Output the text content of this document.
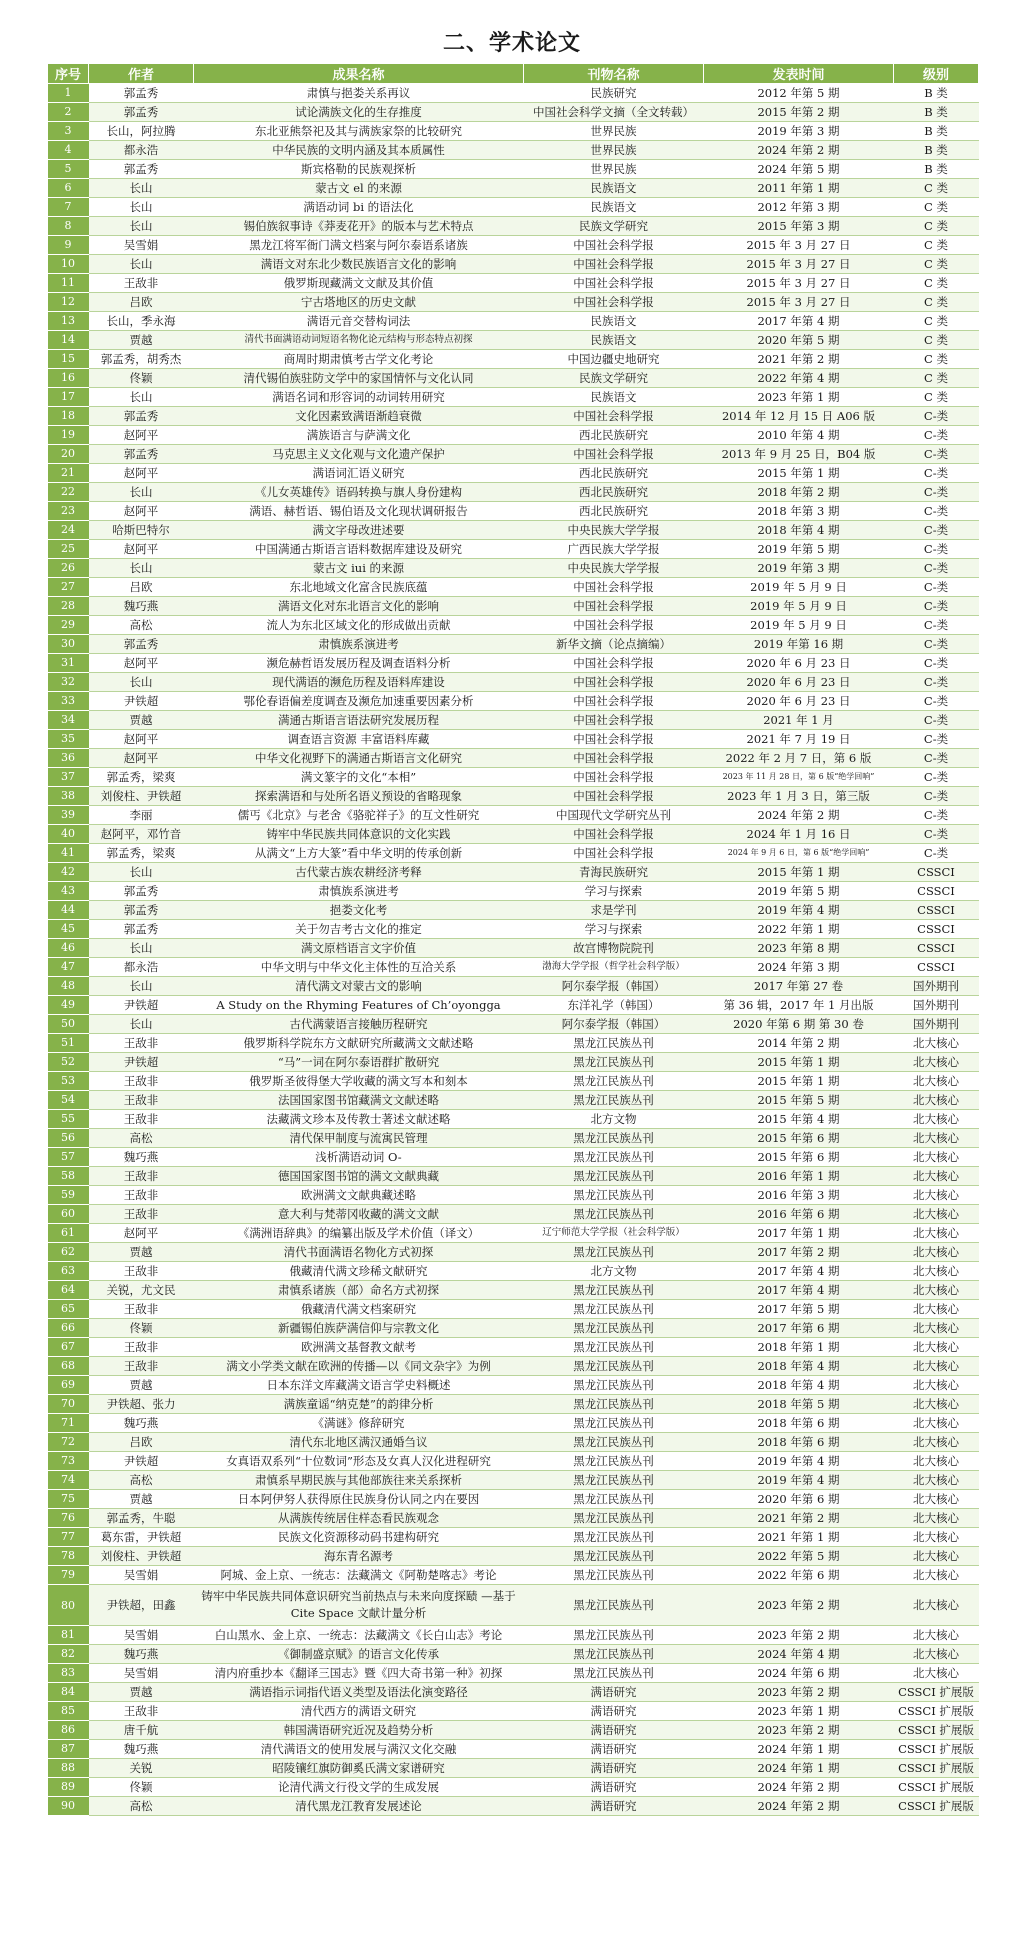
二、学术论文
序号	作者	成果名称	刊物名称	发表时间	级别
1	郭孟秀	肃慎与挹娄关系再议	民族研究	2012 年第 5 期	B 类
2	郭孟秀	试论满族文化的生存推度	中国社会科学文摘（全文转载）	2015 年第 2 期	B 类
3	长山，阿拉腾	东北亚熊祭祀及其与满族家祭的比较研究	世界民族	2019 年第 3 期	B 类
4	都永浩	中华民族的文明内涵及其本质属性	世界民族	2024 年第 2 期	B 类
5	郭孟秀	斯宾格勒的民族观探析	世界民族	2024 年第 5 期	B 类
6	长山	蒙古文 el 的来源	民族语文	2011 年第 1 期	C 类
7	长山	满语动词 bi 的语法化	民族语文	2012 年第 3 期	C 类
8	长山	锡伯族叙事诗《莽麦花开》的版本与艺术特点	民族文学研究	2015 年第 3 期	C 类
9	吴雪娟	黑龙江将军衙门满文档案与阿尔泰语系诸族	中国社会科学报	2015 年 3 月 27 日	C 类
10	长山	满语文对东北少数民族语言文化的影响	中国社会科学报	2015 年 3 月 27 日	C 类
11	王敌非	俄罗斯现藏满文文献及其价值	中国社会科学报	2015 年 3 月 27 日	C 类
12	吕欧	宁古塔地区的历史文献	中国社会科学报	2015 年 3 月 27 日	C 类
13	长山，季永海	满语元音交替构词法	民族语文	2017 年第 4 期	C 类
14	贾越	清代书面满语动词短语名物化论元结构与形态特点初探	民族语文	2020 年第 5 期	C 类
15	郭孟秀，胡秀杰	商周时期肃慎考古学文化考论	中国边疆史地研究	2021 年第 2 期	C 类
16	佟颖	清代锡伯族驻防文学中的家国情怀与文化认同	民族文学研究	2022 年第 4 期	C 类
17	长山	满语名词和形容词的动词转用研究	民族语文	2023 年第 1 期	C 类
18	郭孟秀	文化因素致满语渐趋衰微	中国社会科学报	2014 年 12 月 15 日 A06 版	C-类
19	赵阿平	满族语言与萨满文化	西北民族研究	2010 年第 4 期	C-类
20	郭孟秀	马克思主义文化观与文化遗产保护	中国社会科学报	2013 年 9 月 25 日，B04 版	C-类
21	赵阿平	满语词汇语义研究	西北民族研究	2015 年第 1 期	C-类
22	长山	《儿女英雄传》语码转换与旗人身份建构	西北民族研究	2018 年第 2 期	C-类
23	赵阿平	满语、赫哲语、锡伯语及文化现状调研报告	西北民族研究	2018 年第 3 期	C-类
24	哈斯巴特尔	满文字母改进述要	中央民族大学学报	2018 年第 4 期	C-类
25	赵阿平	中国满通古斯语言语料数据库建设及研究	广西民族大学学报	2019 年第 5 期	C-类
26	长山	蒙古文 iui 的来源	中央民族大学学报	2019 年第 3 期	C-类
27	吕欧	东北地域文化富含民族底蕴	中国社会科学报	2019 年 5 月 9 日	C-类
28	魏巧燕	满语文化对东北语言文化的影响	中国社会科学报	2019 年 5 月 9 日	C-类
29	高松	流人为东北区域文化的形成做出贡献	中国社会科学报	2019 年 5 月 9 日	C-类
30	郭孟秀	肃慎族系演进考	新华文摘（论点摘编）	2019 年第 16 期	C-类
31	赵阿平	濒危赫哲语发展历程及调查语料分析	中国社会科学报	2020 年 6 月 23 日	C-类
32	长山	现代满语的濒危历程及语料库建设	中国社会科学报	2020 年 6 月 23 日	C-类
33	尹铁超	鄂伦春语偏差度调查及濒危加速重要因素分析	中国社会科学报	2020 年 6 月 23 日	C-类
34	贾越	满通古斯语言语法研究发展历程	中国社会科学报	2021 年 1 月	C-类
35	赵阿平	调查语言资源 丰富语料库藏	中国社会科学报	2021 年 7 月 19 日	C-类
36	赵阿平	中华文化视野下的满通古斯语言文化研究	中国社会科学报	2022 年 2 月 7 日，第 6 版	C-类
37	郭孟秀，梁爽	满文篆字的文化“本相”	中国社会科学报	2023 年 11 月 28 日，第 6 版“绝学回响”	C-类
38	刘俊柱、尹铁超	探索满语和与处所名语义预设的省略现象	中国社会科学报	2023 年 1 月 3 日，第三版	C-类
39	李丽	儒丐《北京》与老舍《骆驼祥子》的互文性研究	中国现代文学研究丛刊	2024 年第 2 期	C-类
40	赵阿平，邓竹音	铸牢中华民族共同体意识的文化实践	中国社会科学报	2024 年 1 月 16 日	C-类
41	郭孟秀，梁爽	从满文“上方大篆”看中华文明的传承创新	中国社会科学报	2024 年 9 月 6 日，第 6 版“绝学回响”	C-类
42	长山	古代蒙古族农耕经济考释	青海民族研究	2015 年第 1 期	CSSCI
43	郭孟秀	肃慎族系演进考	学习与探索	2019 年第 5 期	CSSCI
44	郭孟秀	挹娄文化考	求是学刊	2019 年第 4 期	CSSCI
45	郭孟秀	关于勿吉考古文化的推定	学习与探索	2022 年第 1 期	CSSCI
46	长山	满文原档语言文字价值	故宫博物院院刊	2023 年第 8 期	CSSCI
47	都永浩	中华文明与中华文化主体性的互洽关系	渤海大学学报（哲学社会科学版）	2024 年第 3 期	CSSCI
48	长山	清代满文对蒙古文的影响	阿尔泰学报（韩国）	2017 年第 27 卷	国外期刊
49	尹铁超	A Study on the Rhyming Features of Ch’oyongga	东洋礼学（韩国）	第 36 辑，2017 年 1 月出版	国外期刊
50	长山	古代满蒙语言接触历程研究	阿尔泰学报（韩国）	2020 年第 6 期 第 30 卷	国外期刊
51	王敌非	俄罗斯科学院东方文献研究所藏满文文献述略	黑龙江民族丛刊	2014 年第 2 期	北大核心
52	尹铁超	“马”一词在阿尔泰语群扩散研究	黑龙江民族丛刊	2015 年第 1 期	北大核心
53	王敌非	俄罗斯圣彼得堡大学收藏的满文写本和刻本	黑龙江民族丛刊	2015 年第 1 期	北大核心
54	王敌非	法国国家图书馆藏满文文献述略	黑龙江民族丛刊	2015 年第 5 期	北大核心
55	王敌非	法藏满文珍本及传教士著述文献述略	北方文物	2015 年第 4 期	北大核心
56	高松	清代保甲制度与流寓民管理	黑龙江民族丛刊	2015 年第 6 期	北大核心
57	魏巧燕	浅析满语动词 O-	黑龙江民族丛刊	2015 年第 6 期	北大核心
58	王敌非	德国国家图书馆的满文文献典藏	黑龙江民族丛刊	2016 年第 1 期	北大核心
59	王敌非	欧洲满文文献典藏述略	黑龙江民族丛刊	2016 年第 3 期	北大核心
60	王敌非	意大利与梵蒂冈收藏的满文文献	黑龙江民族丛刊	2016 年第 6 期	北大核心
61	赵阿平	《满洲语辞典》的编纂出版及学术价值（译文）	辽宁师范大学学报（社会科学版）	2017 年第 1 期	北大核心
62	贾越	清代书面满语名物化方式初探	黑龙江民族丛刊	2017 年第 2 期	北大核心
63	王敌非	俄藏清代满文珍稀文献研究	北方文物	2017 年第 4 期	北大核心
64	关锐，尤文民	肃慎系诸族（部）命名方式初探	黑龙江民族丛刊	2017 年第 4 期	北大核心
65	王敌非	俄藏清代满文档案研究	黑龙江民族丛刊	2017 年第 5 期	北大核心
66	佟颖	新疆锡伯族萨满信仰与宗教文化	黑龙江民族丛刊	2017 年第 6 期	北大核心
67	王敌非	欧洲满文基督教文献考	黑龙江民族丛刊	2018 年第 1 期	北大核心
68	王敌非	满文小学类文献在欧洲的传播—以《同文杂字》为例	黑龙江民族丛刊	2018 年第 4 期	北大核心
69	贾越	日本东洋文库藏满文语言学史料概述	黑龙江民族丛刊	2018 年第 4 期	北大核心
70	尹铁超、张力	满族童谣“纳克楚”的韵律分析	黑龙江民族丛刊	2018 年第 5 期	北大核心
71	魏巧燕	《满谜》修辞研究	黑龙江民族丛刊	2018 年第 6 期	北大核心
72	吕欧	清代东北地区满汉通婚刍议	黑龙江民族丛刊	2018 年第 6 期	北大核心
73	尹铁超	女真语双系列“十位数词”形态及女真人汉化进程研究	黑龙江民族丛刊	2019 年第 4 期	北大核心
74	高松	肃慎系早期民族与其他部族往来关系探析	黑龙江民族丛刊	2019 年第 4 期	北大核心
75	贾越	日本阿伊努人获得原住民族身份认同之内在要因	黑龙江民族丛刊	2020 年第 6 期	北大核心
76	郭孟秀，牛聪	从满族传统居住样态看民族观念	黑龙江民族丛刊	2021 年第 2 期	北大核心
77	葛东雷，尹铁超	民族文化资源移动码书建构研究	黑龙江民族丛刊	2021 年第 1 期	北大核心
78	刘俊柱、尹铁超	海东青名源考	黑龙江民族丛刊	2022 年第 5 期	北大核心
79	吴雪娟	阿城、金上京、一统志：法藏满文《阿勒楚喀志》考论	黑龙江民族丛刊	2022 年第 6 期	北大核心
80	尹铁超，田鑫	铸牢中华民族共同体意识研究当前热点与未来向度探赜 —基于 Cite Space 文献计量分析	黑龙江民族丛刊	2023 年第 2 期	北大核心
81	吴雪娟	白山黑水、金上京、一统志：法藏满文《长白山志》考论	黑龙江民族丛刊	2023 年第 2 期	北大核心
82	魏巧燕	《御制盛京赋》的语言文化传承	黑龙江民族丛刊	2024 年第 4 期	北大核心
83	吴雪娟	清内府重抄本《翻译三国志》暨《四大奇书第一种》初探	黑龙江民族丛刊	2024 年第 6 期	北大核心
84	贾越	满语指示词指代语义类型及语法化演变路径	满语研究	2023 年第 2 期	CSSCI 扩展版
85	王敌非	清代西方的满语文研究	满语研究	2023 年第 1 期	CSSCI 扩展版
86	唐千航	韩国满语研究近况及趋势分析	满语研究	2023 年第 2 期	CSSCI 扩展版
87	魏巧燕	清代满语文的使用发展与满汉文化交融	满语研究	2024 年第 1 期	CSSCI 扩展版
88	关锐	昭陵镶红旗防御奚氏满文家谱研究	满语研究	2024 年第 1 期	CSSCI 扩展版
89	佟颖	论清代满文行役文学的生成发展	满语研究	2024 年第 2 期	CSSCI 扩展版
90	高松	清代黑龙江教育发展述论	满语研究	2024 年第 2 期	CSSCI 扩展版
